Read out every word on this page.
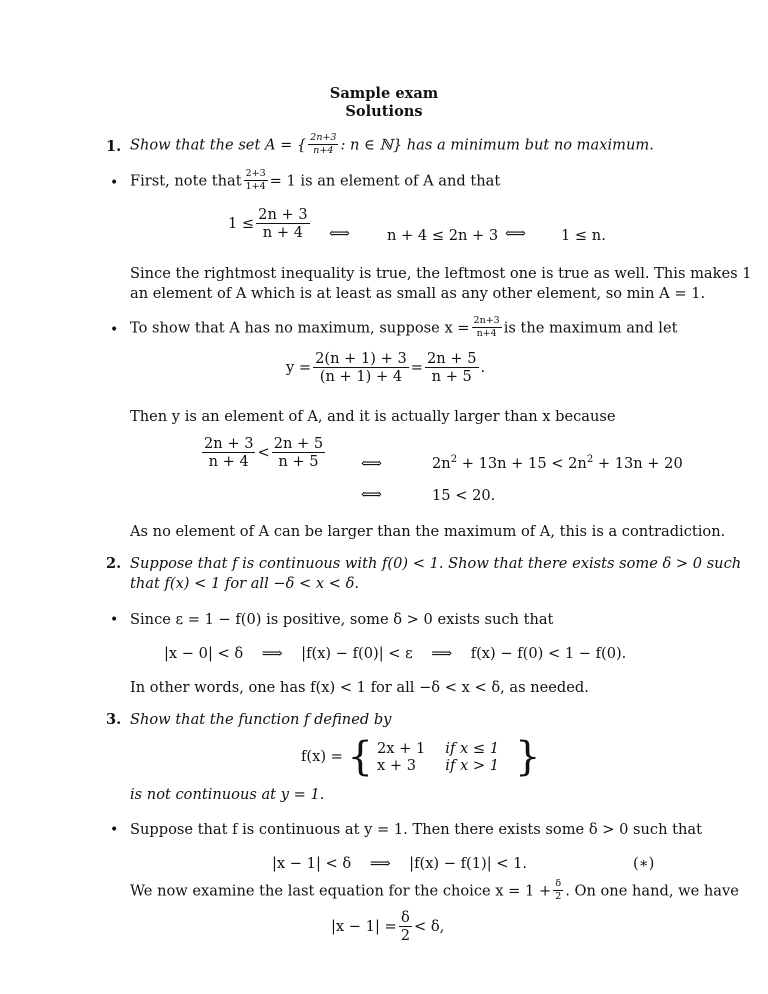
Sample exam
Solutions
1. Show that the set A = { $\frac{2n+3}{n+4}$ : n ∈ ℕ} has a minimum but no maximum.
• First, note that $\frac{2+3}{1+4} = 1$ is an element of A and that
$1 \le \frac{2n + 3}{n + 4}$ ⟺	n + 4 ≤ 2n + 3 ⟺ 1 ≤ n.
Since the rightmost inequality is true, the leftmost one is true as well. This makes 1
an element of A which is at least as small as any other element, so min A = 1.
• To show that A has no maximum, suppose $x = \frac{2n+3}{n+4}$ is the maximum and let
$y = \frac{2(n + 1) + 3}{(n + 1) + 4} = \frac{2n + 5}{n + 5}$ .
Then y is an element of A, and it is actually larger than x because
$\frac{2n + 3}{n + 4} < \frac{2n + 5}{n + 5}$ ⟺	$2n^2 + 13n + 15 < 2n^2 + 13n + 20$
⟺	15 < 20.
As no element of A can be larger than the maximum of A, this is a contradiction.
2. Suppose that f is continuous with f(0) < 1. Show that there exists some δ > 0 such
that f(x) < 1 for all −δ < x < δ.
• Since ε = 1 − f(0) is positive, some δ > 0 exists such that
|x − 0| < δ    ⟹    |f(x) − f(0)| < ε    ⟹    f(x) − f(0) < 1 − f(0).
In other words, one has f(x) < 1 for all −δ < x < δ, as needed.
3. Show that the function f defined by
f(x) = { 2x + 1	if x ≤ 1
x + 3	if x > 1 }
is not continuous at y = 1.
• Suppose that f is continuous at y = 1. Then there exists some δ > 0 such that
|x − 1| < δ    ⟹    |f(x) − f(1)| < 1.	(∗)
We now examine the last equation for the choice $x = 1 + \frac{\delta}{2}$ . On one hand, we have
$|x - 1| = \frac{\delta}{2} < \delta$,
